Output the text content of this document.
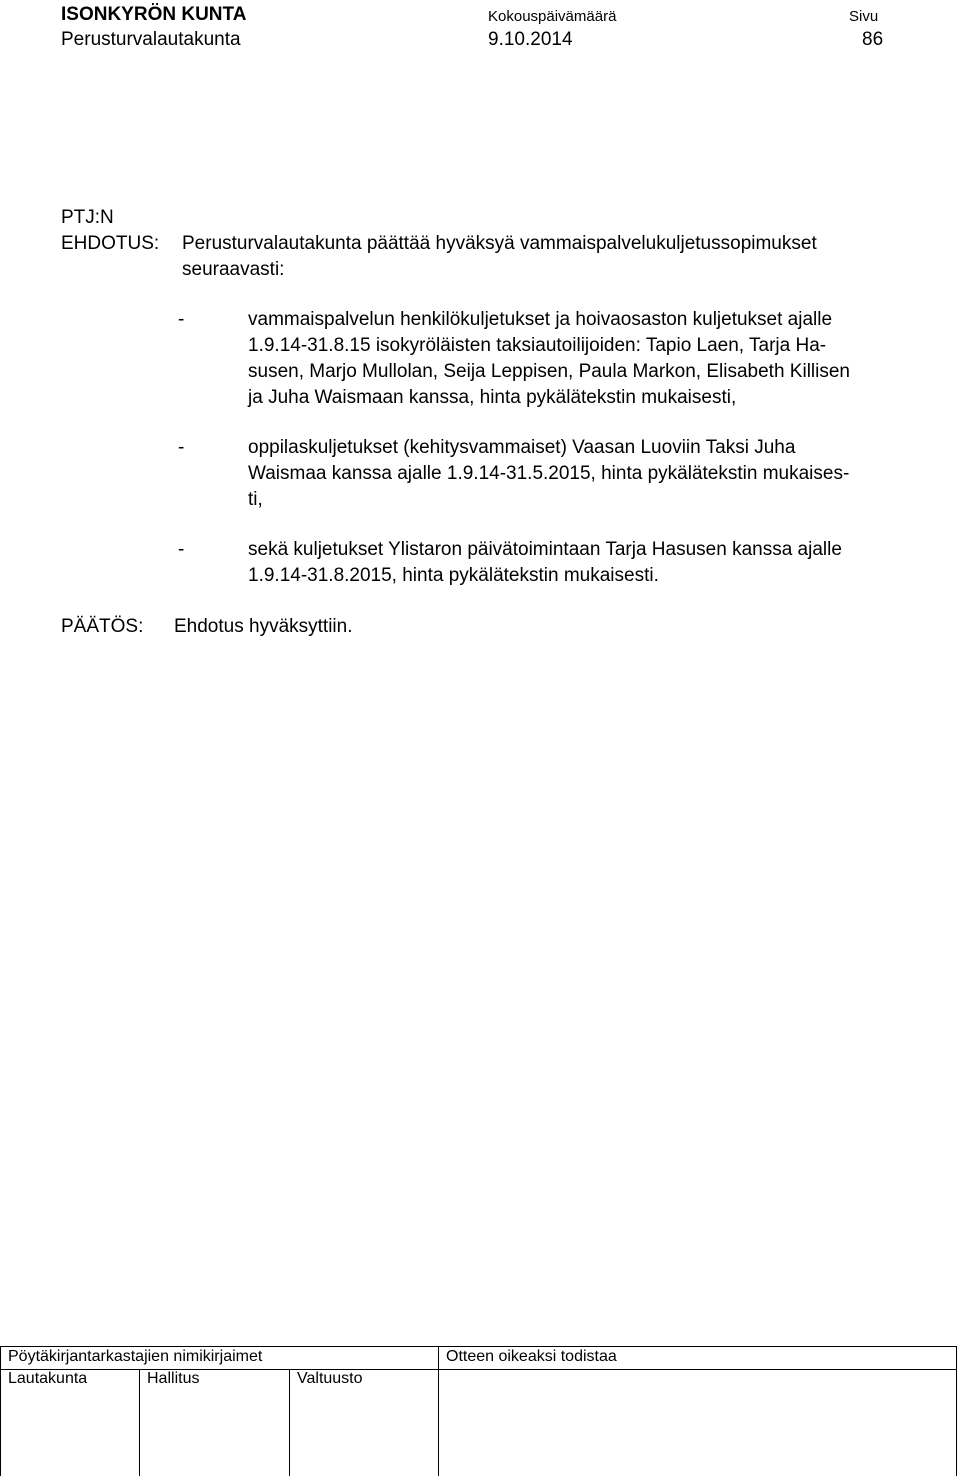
ISONKYRÖN KUNTA	Kokouspäivämäärä	Sivu
Perusturvalautakunta	9.10.2014	86
PTJ:N
EHDOTUS: Perusturvalautakunta päättää hyväksyä vammaispalvelukuljetussopimukset
seuraavasti:
-	vammaispalvelun henkilökuljetukset ja hoivaosaston kuljetukset ajalle
1.9.14-31.8.15 isokyröläisten taksiautoilijoiden: Tapio Laen, Tarja Ha-
susen, Marjo Mullolan, Seija Leppisen, Paula Markon, Elisabeth Killisen
ja Juha Waismaan kanssa, hinta pykälätekstin mukaisesti,
-	oppilaskuljetukset (kehitysvammaiset) Vaasan Luoviin Taksi Juha
Waismaa kanssa ajalle 1.9.14-31.5.2015, hinta pykälätekstin mukaises-
ti,
-	sekä kuljetukset Ylistaron päivätoimintaan Tarja Hasusen kanssa ajalle
1.9.14-31.8.2015, hinta pykälätekstin mukaisesti.
PÄÄTÖS: Ehdotus hyväksyttiin.
Pöytäkirjantarkastajien nimikirjaimet	Otteen oikeaksi todistaa
Lautakunta	Hallitus	Valtuusto
